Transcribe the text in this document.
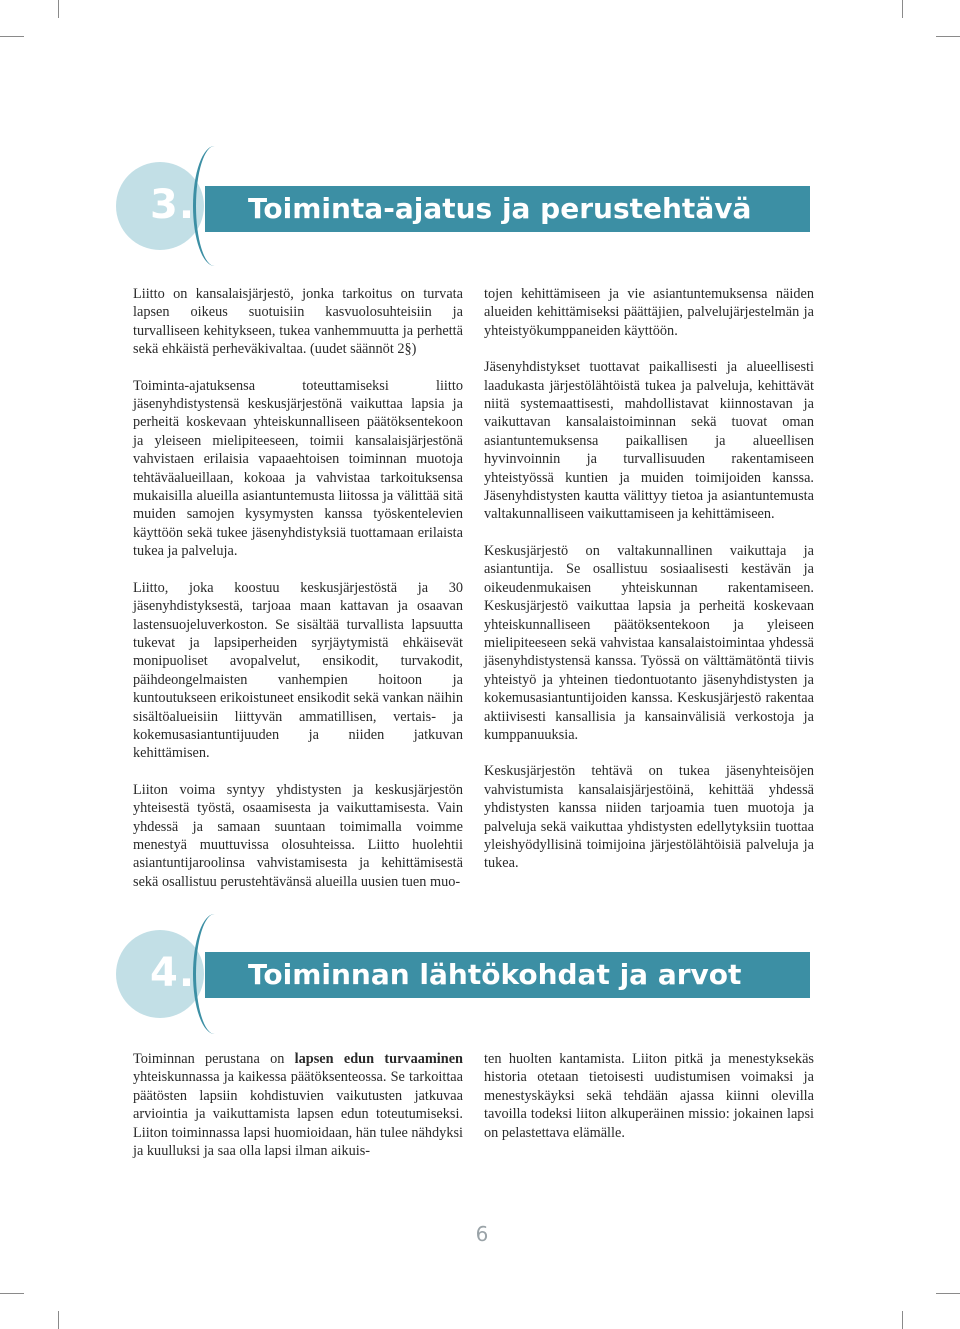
3. Toiminta-ajatus ja perustehtävä

Liitto on kansalaisjärjestö, jonka tarkoitus on turvata lapsen oikeus suotuisiin kasvuolosuhteisiin ja turvalliseen kehitykseen, tukea vanhemmuutta ja perhettä sekä ehkäistä perheväkivaltaa. (uudet säännöt 2§)

Toiminta-ajatuksensa toteuttamiseksi liitto jäsenyhdistystensä keskusjärjestönä vaikuttaa lapsia ja perheitä koskevaan yhteiskunnalliseen päätöksentekoon ja yleiseen mielipiteeseen, toimii kansalaisjärjestönä vahvistaen erilaisia vapaaehtoisen toiminnan muotoja tehtäväalueillaan, kokoaa ja vahvistaa tarkoituksensa mukaisilla alueilla asiantuntemusta liitossa ja välittää sitä muiden samojen kysymysten kanssa työskentelevien käyttöön sekä tukee jäsenyhdistyksiä tuottamaan erilaista tukea ja palveluja.

Liitto, joka koostuu keskusjärjestöstä ja 30 jäsenyhdistyksestä, tarjoaa maan kattavan ja osaavan lastensuojeluverkoston. Se sisältää turvallista lapsuutta tukevat ja lapsiperheiden syrjäytymistä ehkäisevät monipuoliset avopalvelut, ensikodit, turvakodit, päihdeongelmaisten vanhempien hoitoon ja kuntoutukseen erikoistuneet ensikodit sekä vankan näihin sisältöalueisiin liittyvän ammatillisen, vertais- ja kokemusasiantuntijuuden ja niiden jatkuvan kehittämisen.

Liiton voima syntyy yhdistysten ja keskusjärjestön yhteisestä työstä, osaamisesta ja vaikuttamisesta. Vain yhdessä ja samaan suuntaan toimimalla voimme menestyä muuttuvissa olosuhteissa. Liitto huolehtii asiantuntijaroolinsa vahvistamisesta ja kehittämisestä sekä osallistuu perustehtävänsä alueilla uusien tuen muo-

tojen kehittämiseen ja vie asiantuntemuksensa näiden alueiden kehittämiseksi päättäjien, palvelujärjestelmän ja yhteistyökumppaneiden käyttöön.

Jäsenyhdistykset tuottavat paikallisesti ja alueellisesti laadukasta järjestölähtöistä tukea ja palveluja, kehittävät niitä systemaattisesti, mahdollistavat kiinnostavan ja vaikuttavan kansalaistoiminnan sekä tuovat oman asiantuntemuksensa paikallisen ja alueellisen hyvinvoinnin ja turvallisuuden rakentamiseen yhteistyössä kuntien ja muiden toimijoiden kanssa. Jäsenyhdistysten kautta välittyy tietoa ja asiantuntemusta valtakunnalliseen vaikuttamiseen ja kehittämiseen.

Keskusjärjestö on valtakunnallinen vaikuttaja ja asiantuntija. Se osallistuu sosiaalisesti kestävän ja oikeudenmukaisen yhteiskunnan rakentamiseen. Keskusjärjestö vaikuttaa lapsia ja perheitä koskevaan yhteiskunnalliseen päätöksentekoon ja yleiseen mielipiteeseen sekä vahvistaa kansalaistoimintaa yhdessä jäsenyhdistystensä kanssa. Työssä on välttämätöntä tiivis yhteistyö ja yhteinen tiedontuotanto jäsenyhdistysten ja kokemusasiantuntijoiden kanssa. Keskusjärjestö rakentaa aktiivisesti kansallisia ja kansainvälisiä verkostoja ja kumppanuuksia.

Keskusjärjestön tehtävä on tukea jäsenyhteisöjen vahvistumista kansalaisjärjestöinä, kehittää yhdessä yhdistysten kanssa niiden tarjoamia tuen muotoja ja palveluja sekä vaikuttaa yhdistysten edellytyksiin tuottaa yleishyödyllisinä toimijoina järjestölähtöisiä palveluja ja tukea.

4. Toiminnan lähtökohdat ja arvot

Toiminnan perustana on lapsen edun turvaaminen yhteiskunnassa ja kaikessa päätöksenteossa. Se tarkoittaa päätösten lapsiin kohdistuvien vaikutusten jatkuvaa arviointia ja vaikuttamista lapsen edun toteutumiseksi. Liiton toiminnassa lapsi huomioidaan, hän tulee nähdyksi ja kuulluksi ja saa olla lapsi ilman aikuis-

ten huolten kantamista. Liiton pitkä ja menestyksekäs historia otetaan tietoisesti uudistumisen voimaksi ja menestyskäyksi sekä tehdään ajassa kiinni olevilla tavoilla todeksi liiton alkuperäinen missio: jokainen lapsi on pelastettava elämälle.

6
